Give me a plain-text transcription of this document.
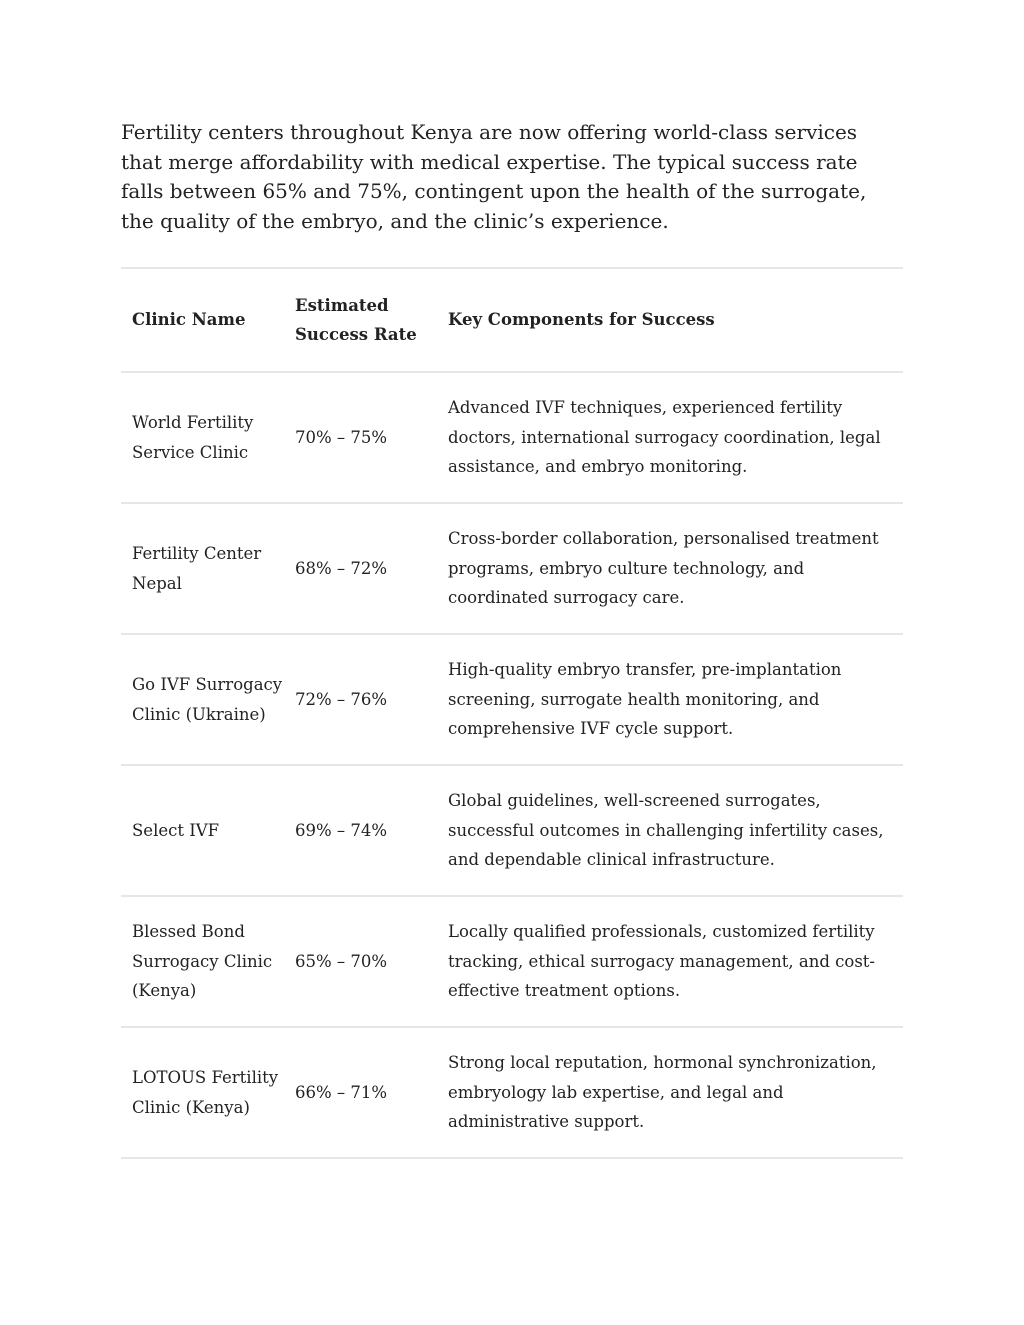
Fertility centers throughout Kenya are now offering world-class services that merge affordability with medical expertise. The typical success rate falls between 65% and 75%, contingent upon the health of the surrogate, the quality of the embryo, and the clinic’s experience.

Clinic Name
Estimated Success Rate
Key Components for Success
World Fertility Service Clinic
70% – 75%
Advanced IVF techniques, experienced fertility doctors, international surrogacy coordination, legal assistance, and embryo monitoring.
Fertility Center Nepal
68% – 72%
Cross-border collaboration, personalised treatment programs, embryo culture technology, and coordinated surrogacy care.
Go IVF Surrogacy Clinic (Ukraine)
72% – 76%
High-quality embryo transfer, pre-implantation screening, surrogate health monitoring, and comprehensive IVF cycle support.
Select IVF	69% – 74%
Global guidelines, well-screened surrogates, successful outcomes in challenging infertility cases, and dependable clinical infrastructure.
Blessed Bond Surrogacy Clinic (Kenya)
65% – 70%
Locally qualified professionals, customized fertility tracking, ethical surrogacy management, and cost-effective treatment options.
LOTOUS Fertility Clinic (Kenya)
66% – 71%
Strong local reputation, hormonal synchronization, embryology lab expertise, and legal and administrative support.
